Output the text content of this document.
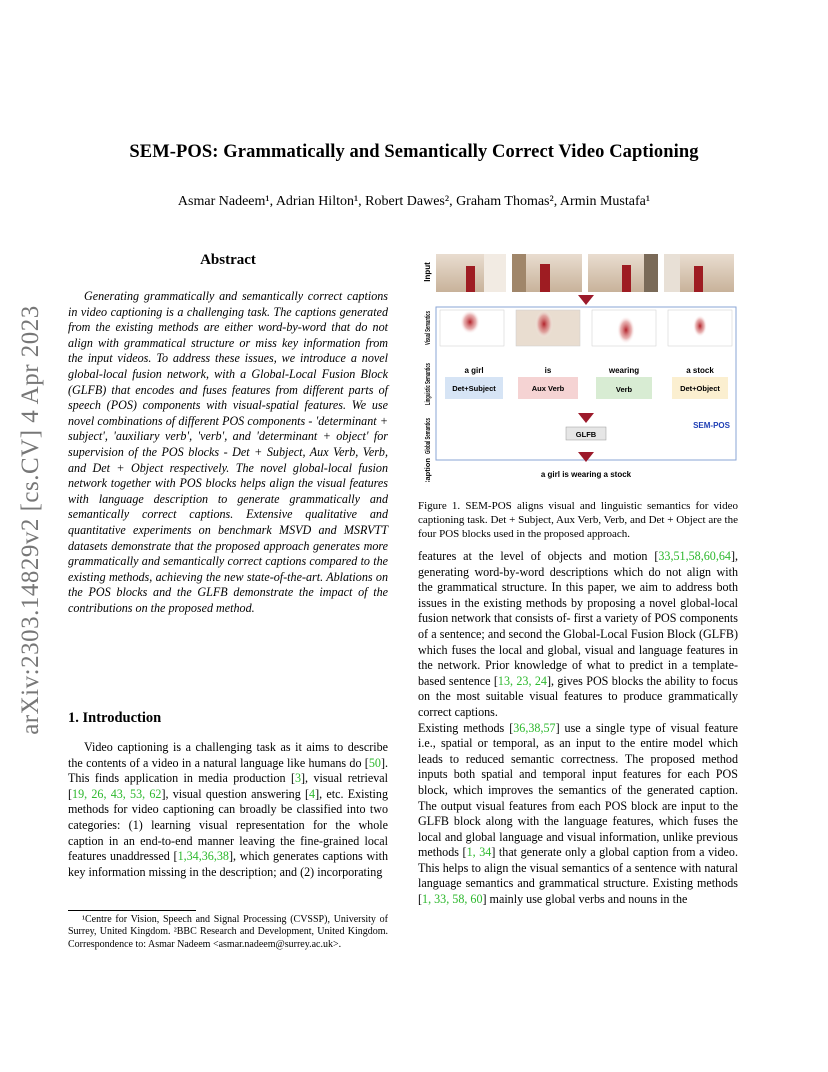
arXiv:2303.14829v2 [cs.CV] 4 Apr 2023
SEM-POS: Grammatically and Semantically Correct Video Captioning
Asmar Nadeem¹, Adrian Hilton¹, Robert Dawes², Graham Thomas², Armin Mustafa¹
Abstract

Generating grammatically and semantically correct captions in video captioning is a challenging task. The captions generated from the existing methods are either word-by-word that do not align with grammatical structure or miss key information from the input videos. To address these issues, we introduce a novel global-local fusion network, with a Global-Local Fusion Block (GLFB) that encodes and fuses features from different parts of speech (POS) components with visual-spatial features. We use novel combinations of different POS components - 'determinant + subject', 'auxiliary verb', 'verb', and 'determinant + object' for supervision of the POS blocks - Det + Subject, Aux Verb, Verb, and Det + Object respectively. The novel global-local fusion network together with POS blocks helps align the visual features with language description to generate grammatically and semantically correct captions. Extensive qualitative and quantitative experiments on benchmark MSVD and MSRVTT datasets demonstrate that the proposed approach generates more grammatically and semantically correct captions compared to the existing methods, achieving the new state-of-the-art. Ablations on the POS blocks and the GLFB demonstrate the impact of the contributions on the proposed method.

1. Introduction

Video captioning is a challenging task as it aims to describe the contents of a video in a natural language like humans do [50]. This finds application in media production [3], visual retrieval [19, 26, 43, 53, 62], visual question answering [4], etc. Existing methods for video captioning can broadly be classified into two categories: (1) learning visual representation for the whole caption in an end-to-end manner leaving the fine-grained local features unaddressed [1,34,36,38], which generates captions with key information missing in the description; and (2) incorporating

¹Centre for Vision, Speech and Signal Processing (CVSSP), University of Surrey, United Kingdom. ²BBC Research and Development, United Kingdom. Correspondence to: Asmar Nadeem <asmar.nadeem@surrey.ac.uk>.

Input
Visual Semantics
Linguistic Semantics
Global Semantics
Caption
a girl	is	wearing	a stock
Det+Subject	Aux Verb	Verb	Det+Object
GLFB
SEM-POS
a girl is wearing a stock
Figure 1. SEM-POS aligns visual and linguistic semantics for video captioning task. Det + Subject, Aux Verb, Verb, and Det + Object are the four POS blocks used in the proposed approach.

features at the level of objects and motion [33,51,58,60,64], generating word-by-word descriptions which do not align with the grammatical structure. In this paper, we aim to address both issues in the existing methods by proposing a novel global-local fusion network that consists of- first a variety of POS components of a sentence; and second the Global-Local Fusion Block (GLFB) which fuses the local and global, visual and language features in the network. Prior knowledge of what to predict in a template-based sentence [13, 23, 24], gives POS blocks the ability to focus on the most suitable visual features to produce grammatically correct captions.

Existing methods [36,38,57] use a single type of visual feature i.e., spatial or temporal, as an input to the entire model which leads to reduced semantic correctness. The proposed method inputs both spatial and temporal input features for each POS block, which improves the semantics of the generated caption. The output visual features from each POS block are input to the GLFB block along with the language features, which fuses the local and global language and visual information, unlike previous methods [1, 34] that generate only a global caption from a video. This helps to align the visual semantics of a sentence with natural language semantics and grammatical structure. Existing methods [1, 33, 58, 60] mainly use global verbs and nouns in the
